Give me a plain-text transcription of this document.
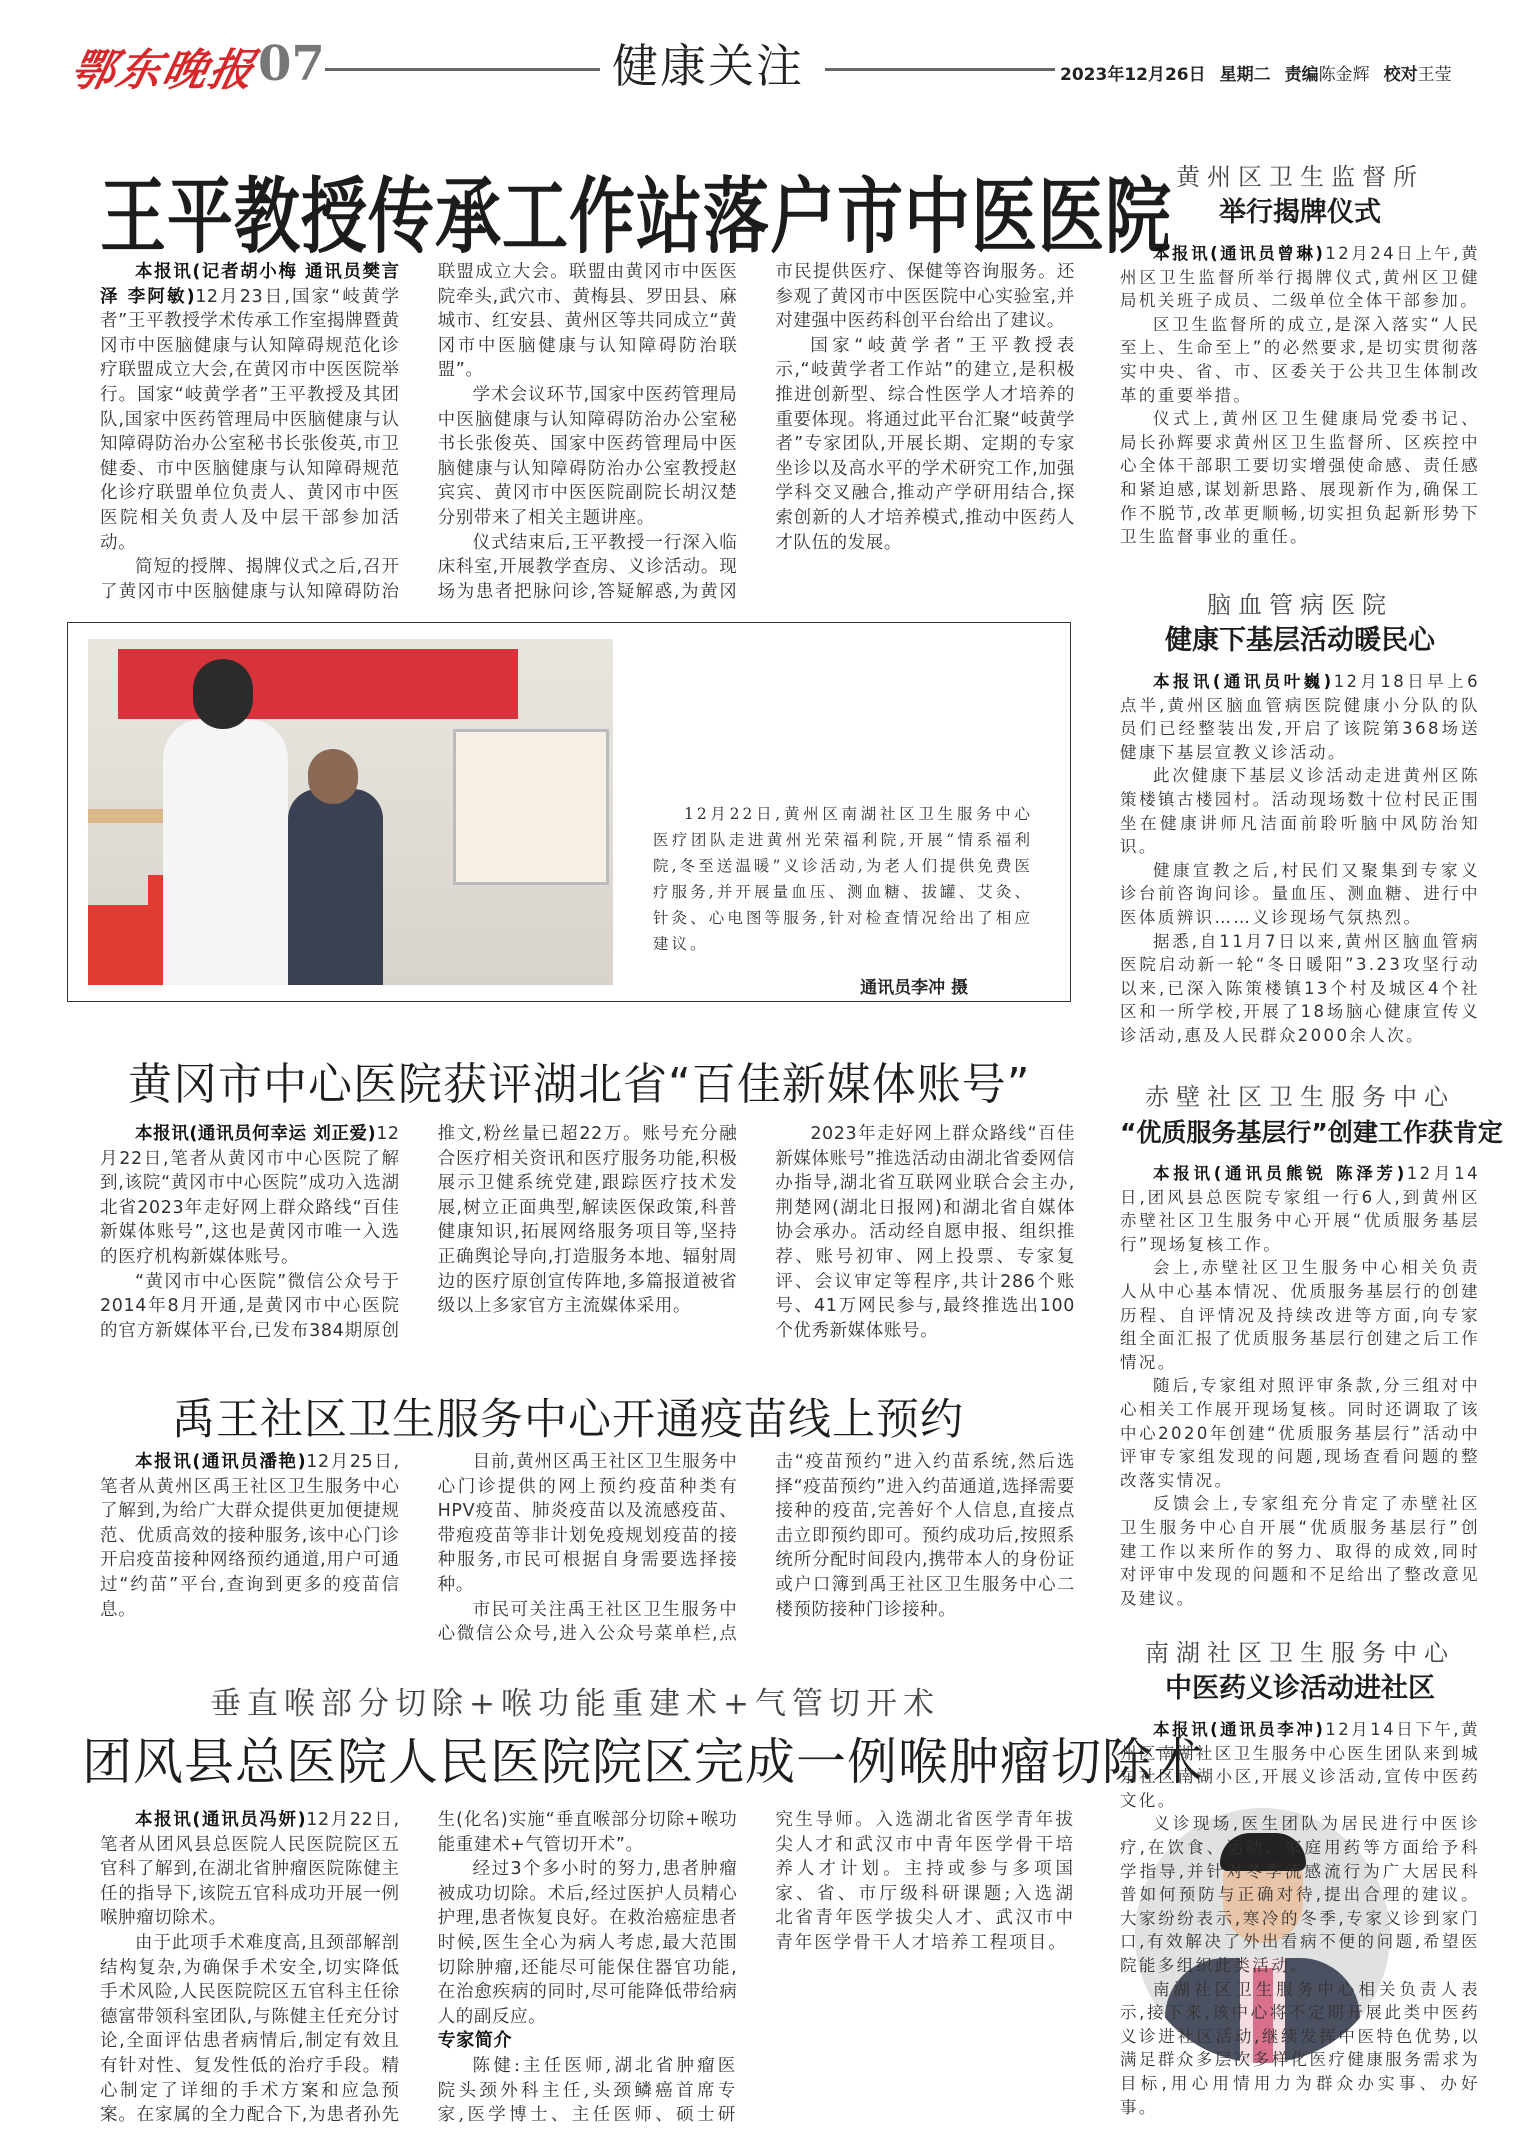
鄂东晚报
07	健康关注	2023年12月26日 星期二 责编陈金辉 校对王莹
王平教授传承工作站落户市中医医院

本报讯(记者胡小梅 通讯员樊言泽 李阿敏)12月23日,国家“岐黄学者”王平教授学术传承工作室揭牌暨黄冈市中医脑健康与认知障碍规范化诊疗联盟成立大会,在黄冈市中医医院举行。国家“岐黄学者”王平教授及其团队,国家中医药管理局中医脑健康与认知障碍防治办公室秘书长张俊英,市卫健委、市中医脑健康与认知障碍规范化诊疗联盟单位负责人、黄冈市中医医院相关负责人及中层干部参加活动。

简短的授牌、揭牌仪式之后,召开了黄冈市中医脑健康与认知障碍防治联盟成立大会。联盟由黄冈市中医医院牵头,武穴市、黄梅县、罗田县、麻城市、红安县、黄州区等共同成立“黄冈市中医脑健康与认知障碍防治联盟”。

学术会议环节,国家中医药管理局中医脑健康与认知障碍防治办公室秘书长张俊英、国家中医药管理局中医脑健康与认知障碍防治办公室教授赵宾宾、黄冈市中医医院副院长胡汉楚分别带来了相关主题讲座。

仪式结束后,王平教授一行深入临床科室,开展教学查房、义诊活动。现场为患者把脉问诊,答疑解惑,为黄冈市民提供医疗、保健等咨询服务。还参观了黄冈市中医医院中心实验室,并对建强中医药科创平台给出了建议。

国家“岐黄学者”王平教授表示,“岐黄学者工作站”的建立,是积极推进创新型、综合性医学人才培养的重要体现。将通过此平台汇聚“岐黄学者”专家团队,开展长期、定期的专家坐诊以及高水平的学术研究工作,加强学科交叉融合,推动产学研用结合,探索创新的人才培养模式,推动中医药人才队伍的发展。

12月22日,黄州区南湖社区卫生服务中心医疗团队走进黄州光荣福利院,开展“情系福利院,冬至送温暖”义诊活动,为老人们提供免费医疗服务,并开展量血压、测血糖、拔罐、艾灸、针灸、心电图等服务,针对检查情况给出了相应建议。
通讯员李冲 摄
黄冈市中心医院获评湖北省“百佳新媒体账号”

本报讯(通讯员何幸运 刘正爱)12月22日,笔者从黄冈市中心医院了解到,该院“黄冈市中心医院”成功入选湖北省2023年走好网上群众路线“百佳新媒体账号”,这也是黄冈市唯一入选的医疗机构新媒体账号。

“黄冈市中心医院”微信公众号于2014年8月开通,是黄冈市中心医院的官方新媒体平台,已发布384期原创推文,粉丝量已超22万。账号充分融合医疗相关资讯和医疗服务功能,积极展示卫健系统党建,跟踪医疗技术发展,树立正面典型,解读医保政策,科普健康知识,拓展网络服务项目等,坚持正确舆论导向,打造服务本地、辐射周边的医疗原创宣传阵地,多篇报道被省级以上多家官方主流媒体采用。

2023年走好网上群众路线“百佳新媒体账号”推选活动由湖北省委网信办指导,湖北省互联网业联合会主办,荆楚网(湖北日报网)和湖北省自媒体协会承办。活动经自愿申报、组织推荐、账号初审、网上投票、专家复评、会议审定等程序,共计286个账号、41万网民参与,最终推选出100个优秀新媒体账号。

禹王社区卫生服务中心开通疫苗线上预约

本报讯(通讯员潘艳)12月25日,笔者从黄州区禹王社区卫生服务中心了解到,为给广大群众提供更加便捷规范、优质高效的接种服务,该中心门诊开启疫苗接种网络预约通道,用户可通过“约苗”平台,查询到更多的疫苗信息。

目前,黄州区禹王社区卫生服务中心门诊提供的网上预约疫苗种类有HPV疫苗、肺炎疫苗以及流感疫苗、带疱疫苗等非计划免疫规划疫苗的接种服务,市民可根据自身需要选择接种。

市民可关注禹王社区卫生服务中心微信公众号,进入公众号菜单栏,点击“疫苗预约”进入约苗系统,然后选择“疫苗预约”进入约苗通道,选择需要接种的疫苗,完善好个人信息,直接点击立即预约即可。预约成功后,按照系统所分配时间段内,携带本人的身份证或户口簿到禹王社区卫生服务中心二楼预防接种门诊接种。

垂直喉部分切除+喉功能重建术+气管切开术
团风县总医院人民医院院区完成一例喉肿瘤切除术

本报讯(通讯员冯妍)12月22日,笔者从团风县总医院人民医院院区五官科了解到,在湖北省肿瘤医院陈健主任的指导下,该院五官科成功开展一例喉肿瘤切除术。

由于此项手术难度高,且颈部解剖结构复杂,为确保手术安全,切实降低手术风险,人民医院院区五官科主任徐德富带领科室团队,与陈健主任充分讨论,全面评估患者病情后,制定有效且有针对性、复发性低的治疗手段。精心制定了详细的手术方案和应急预案。在家属的全力配合下,为患者孙先生(化名)实施“垂直喉部分切除+喉功能重建术+气管切开术”。

经过3个多小时的努力,患者肿瘤被成功切除。术后,经过医护人员精心护理,患者恢复良好。在救治癌症患者时候,医生全心为病人考虑,最大范围切除肿瘤,还能尽可能保住器官功能,在治愈疾病的同时,尽可能降低带给病人的副反应。

专家简介

陈健:主任医师,湖北省肿瘤医院头颈外科主任,头颈鳞癌首席专家,医学博士、主任医师、硕士研究生导师。入选湖北省医学青年拔尖人才和武汉市中青年医学骨干培养人才计划。主持或参与多项国家、省、市厅级科研课题;入选湖北省青年医学拔尖人才、武汉市中青年医学骨干人才培养工程项目。

黄州区卫生监督所
举行揭牌仪式

本报讯(通讯员曾琳)12月24日上午,黄州区卫生监督所举行揭牌仪式,黄州区卫健局机关班子成员、二级单位全体干部参加。

区卫生监督所的成立,是深入落实“人民至上、生命至上”的必然要求,是切实贯彻落实中央、省、市、区委关于公共卫生体制改革的重要举措。

仪式上,黄州区卫生健康局党委书记、局长孙辉要求黄州区卫生监督所、区疾控中心全体干部职工要切实增强使命感、责任感和紧迫感,谋划新思路、展现新作为,确保工作不脱节,改革更顺畅,切实担负起新形势下卫生监督事业的重任。

脑血管病医院
健康下基层活动暖民心

本报讯(通讯员叶巍)12月18日早上6点半,黄州区脑血管病医院健康小分队的队员们已经整装出发,开启了该院第368场送健康下基层宣教义诊活动。

此次健康下基层义诊活动走进黄州区陈策楼镇古楼园村。活动现场数十位村民正围坐在健康讲师凡洁面前聆听脑中风防治知识。

健康宣教之后,村民们又聚集到专家义诊台前咨询问诊。量血压、测血糖、进行中医体质辨识……义诊现场气氛热烈。

据悉,自11月7日以来,黄州区脑血管病医院启动新一轮“冬日暖阳”3.23攻坚行动以来,已深入陈策楼镇13个村及城区4个社区和一所学校,开展了18场脑心健康宣传义诊活动,惠及人民群众2000余人次。

赤壁社区卫生服务中心
“优质服务基层行”创建工作获肯定

本报讯(通讯员熊锐 陈泽芳)12月14日,团风县总医院专家组一行6人,到黄州区赤壁社区卫生服务中心开展“优质服务基层行”现场复核工作。

会上,赤壁社区卫生服务中心相关负责人从中心基本情况、优质服务基层行的创建历程、自评情况及持续改进等方面,向专家组全面汇报了优质服务基层行创建之后工作情况。

随后,专家组对照评审条款,分三组对中心相关工作展开现场复核。同时还调取了该中心2020年创建“优质服务基层行”活动中评审专家组发现的问题,现场查看问题的整改落实情况。

反馈会上,专家组充分肯定了赤壁社区卫生服务中心自开展“优质服务基层行”创建工作以来所作的努力、取得的成效,同时对评审中发现的问题和不足给出了整改意见及建议。

南湖社区卫生服务中心
中医药义诊活动进社区

本报讯(通讯员李冲)12月14日下午,黄州区南湖社区卫生服务中心医生团队来到城东社区南湖小区,开展义诊活动,宣传中医药文化。

义诊现场,医生团队为居民进行中医诊疗,在饮食、运动、家庭用药等方面给予科学指导,并针对冬季流感流行为广大居民科普如何预防与正确对待,提出合理的建议。大家纷纷表示,寒冷的冬季,专家义诊到家门口,有效解决了外出看病不便的问题,希望医院能多组织此类活动。

南湖社区卫生服务中心相关负责人表示,接下来,该中心将不定期开展此类中医药义诊进社区活动,继续发挥中医特色优势,以满足群众多层次多样化医疗健康服务需求为目标,用心用情用力为群众办实事、办好事。
